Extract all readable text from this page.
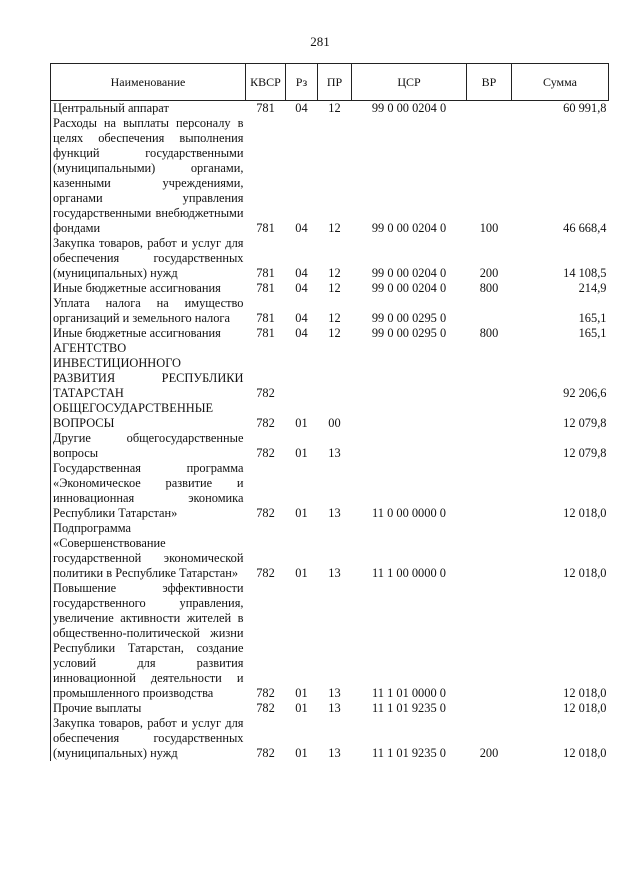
281
Наименование	КВСР	Рз	ПР	ЦСР	ВР	Сумма
Центральный аппарат	781	04	12	99 0 00 0204 0		60 991,8
Расходы на выплаты персоналу в целях обеспечения выполнения функций государственными (муниципальными) органами, казенными учреждениями, органами управления государственными внебюджетными фондами	781	04	12	99 0 00 0204 0	100	46 668,4
Закупка товаров, работ и услуг для обеспечения государственных (муниципальных) нужд	781	04	12	99 0 00 0204 0	200	14 108,5
Иные бюджетные ассигнования	781	04	12	99 0 00 0204 0	800	214,9
Уплата налога на имущество организаций и земельного налога	781	04	12	99 0 00 0295 0		165,1
Иные бюджетные ассигнования	781	04	12	99 0 00 0295 0	800	165,1
АГЕНТСТВО ИНВЕСТИЦИОННОГО РАЗВИТИЯ РЕСПУБЛИКИ ТАТАРСТАН	782					92 206,6
ОБЩЕГОСУДАРСТВЕННЫЕ ВОПРОСЫ	782	01	00			12 079,8
Другие общегосударственные вопросы	782	01	13			12 079,8
Государственная программа «Экономическое развитие и инновационная экономика Республики Татарстан»	782	01	13	11 0 00 0000 0		12 018,0
Подпрограмма «Совершенствование государственной экономической политики в Республике Татарстан»	782	01	13	11 1 00 0000 0		12 018,0
Повышение эффективности государственного управления, увеличение активности жителей в общественно-политической жизни Республики Татарстан, создание условий для развития инновационной деятельности и промышленного производства	782	01	13	11 1 01 0000 0		12 018,0
Прочие выплаты	782	01	13	11 1 01 9235 0		12 018,0
Закупка товаров, работ и услуг для обеспечения государственных (муниципальных) нужд	782	01	13	11 1 01 9235 0	200	12 018,0
